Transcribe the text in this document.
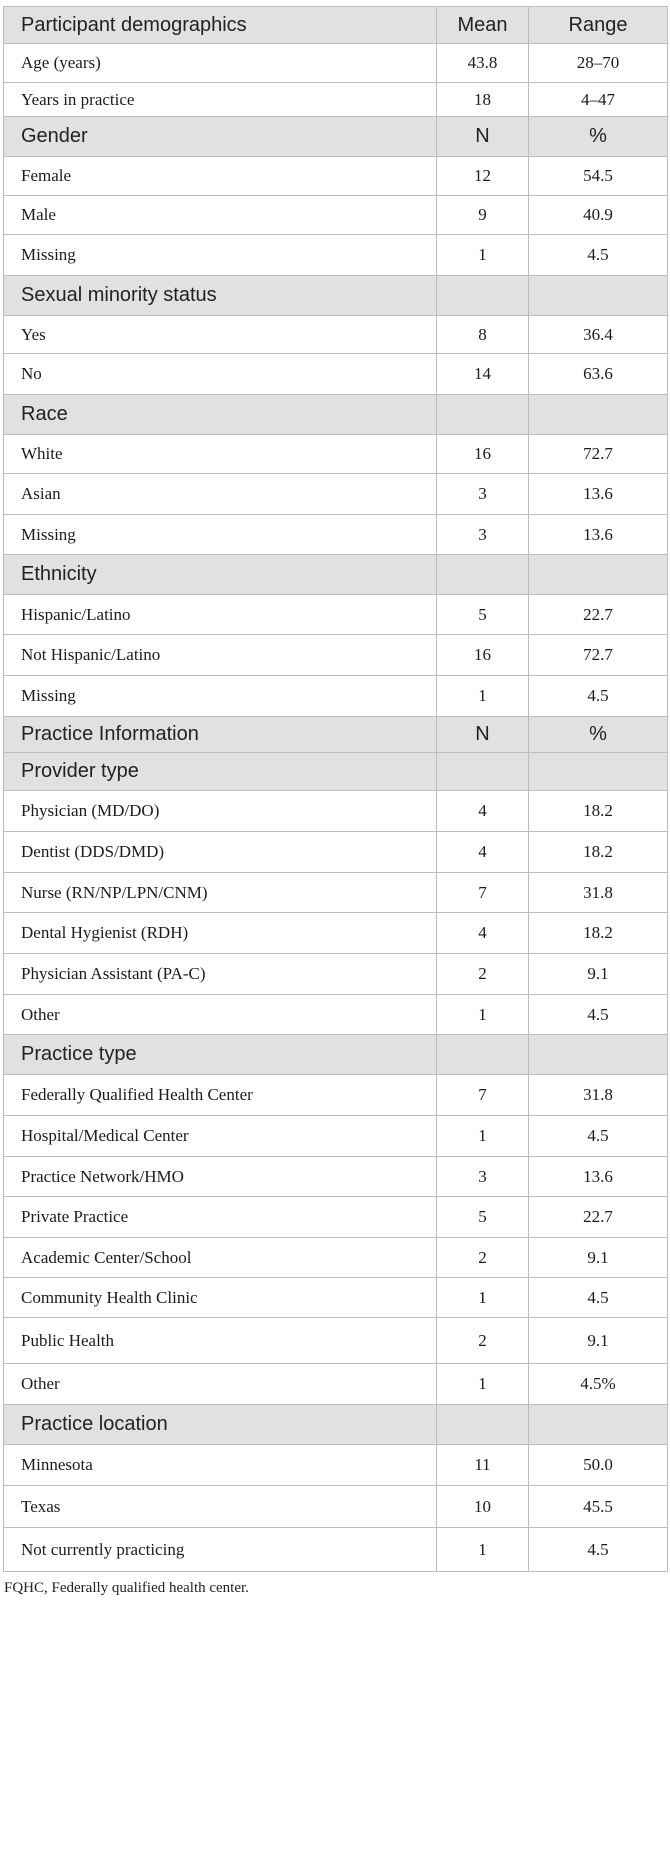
Participant demographics	Mean	Range
Age (years)	43.8	28–70
Years in practice	18	4–47
Gender	N	%
Female	12	54.5
Male	9	40.9
Missing	1	4.5
Sexual minority status		
Yes	8	36.4
No	14	63.6
Race		
White	16	72.7
Asian	3	13.6
Missing	3	13.6
Ethnicity		
Hispanic/Latino	5	22.7
Not Hispanic/Latino	16	72.7
Missing	1	4.5
Practice Information	N	%
Provider type		
Physician (MD/DO)	4	18.2
Dentist (DDS/DMD)	4	18.2
Nurse (RN/NP/LPN/CNM)	7	31.8
Dental Hygienist (RDH)	4	18.2
Physician Assistant (PA-C)	2	9.1
Other	1	4.5
Practice type		
Federally Qualified Health Center	7	31.8
Hospital/Medical Center	1	4.5
Practice Network/HMO	3	13.6
Private Practice	5	22.7
Academic Center/School	2	9.1
Community Health Clinic	1	4.5
Public Health	2	9.1
Other	1	4.5%
Practice location		
Minnesota	11	50.0
Texas	10	45.5
Not currently practicing	1	4.5
FQHC, Federally qualified health center.
